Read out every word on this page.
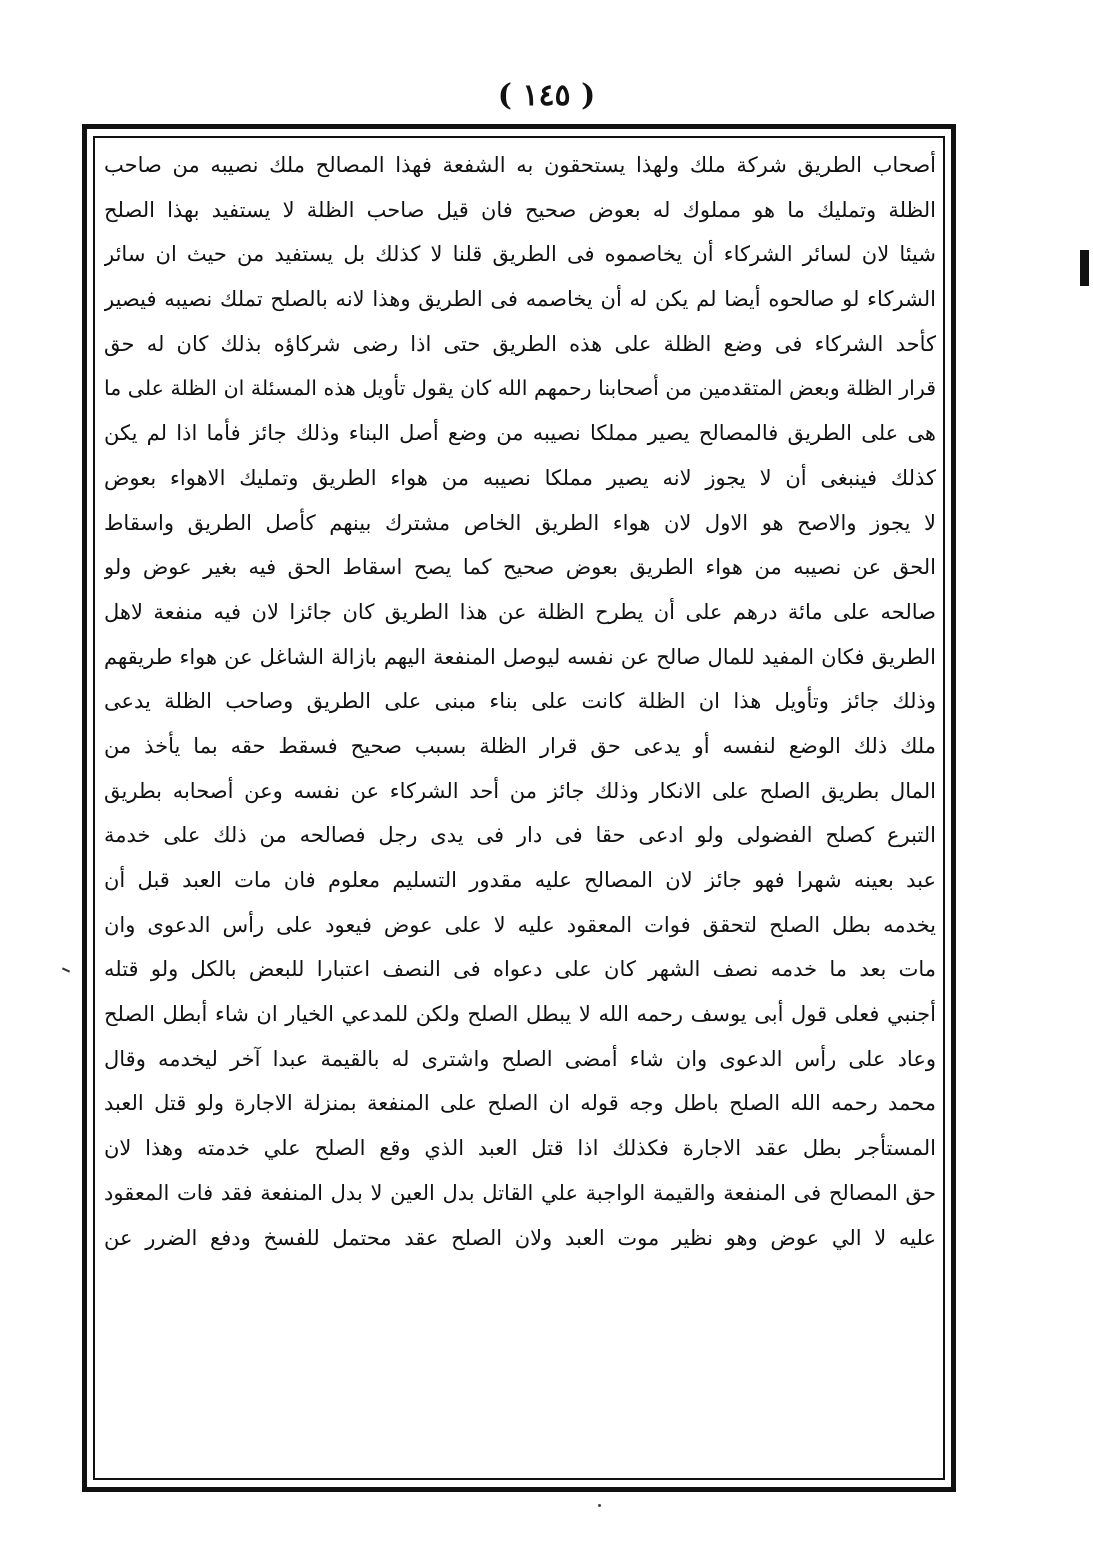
( ١٤٥ )
أصحاب الطريق شركة ملك ولهذا يستحقون به الشفعة فهذا المصالح ملك نصيبه من صاحب
الظلة وتمليك ما هو مملوك له بعوض صحيح فان قيل صاحب الظلة لا يستفيد بهذا الصلح
شيئا لان لسائر الشركاء أن يخاصموه فى الطريق قلنا لا كذلك بل يستفيد من حيث ان سائر
الشركاء لو صالحوه أيضا لم يكن له أن يخاصمه فى الطريق وهذا لانه بالصلح تملك نصيبه فيصير
كأحد الشركاء فى وضع الظلة على هذه الطريق حتى اذا رضى شركاؤه بذلك كان له حق
قرار الظلة وبعض المتقدمين من أصحابنا رحمهم الله كان يقول تأويل هذه المسئلة ان الظلة على ما
هى على الطريق فالمصالح يصير مملكا نصيبه من وضع أصل البناء وذلك جائز فأما اذا لم يكن
كذلك فينبغى أن لا يجوز لانه يصير مملكا نصيبه من هواء الطريق وتمليك الاهواء بعوض
لا يجوز والاصح هو الاول لان هواء الطريق الخاص مشترك بينهم كأصل الطريق واسقاط
الحق عن نصيبه من هواء الطريق بعوض صحيح كما يصح اسقاط الحق فيه بغير عوض ولو
صالحه على مائة درهم على أن يطرح الظلة عن هذا الطريق كان جائزا لان فيه منفعة لاهل
الطريق فكان المفيد للمال صالح عن نفسه ليوصل المنفعة اليهم بازالة الشاغل عن هواء طريقهم
وذلك جائز وتأويل هذا ان الظلة كانت على بناء مبنى على الطريق وصاحب الظلة يدعى
ملك ذلك الوضع لنفسه أو يدعى حق قرار الظلة بسبب صحيح فسقط حقه بما يأخذ من
المال بطريق الصلح على الانكار وذلك جائز من أحد الشركاء عن نفسه وعن أصحابه بطريق
التبرع كصلح الفضولى ولو ادعى حقا فى دار فى يدى رجل فصالحه من ذلك على خدمة
عبد بعينه شهرا فهو جائز لان المصالح عليه مقدور التسليم معلوم فان مات العبد قبل أن
يخدمه بطل الصلح لتحقق فوات المعقود عليه لا على عوض فيعود على رأس الدعوى وان
مات بعد ما خدمه نصف الشهر كان على دعواه فى النصف اعتبارا للبعض بالكل ولو قتله
أجنبي فعلى قول أبى يوسف رحمه الله لا يبطل الصلح ولكن للمدعي الخيار ان شاء أبطل الصلح
وعاد على رأس الدعوى وان شاء أمضى الصلح واشترى له بالقيمة عبدا آخر ليخدمه وقال
محمد رحمه الله الصلح باطل وجه قوله ان الصلح على المنفعة بمنزلة الاجارة ولو قتل العبد
المستأجر بطل عقد الاجارة فكذلك اذا قتل العبد الذي وقع الصلح علي خدمته وهذا لان
حق المصالح فى المنفعة والقيمة الواجبة علي القاتل بدل العين لا بدل المنفعة فقد فات المعقود
عليه لا الي عوض وهو نظير موت العبد ولان الصلح عقد محتمل للفسخ ودفع الضرر عن
